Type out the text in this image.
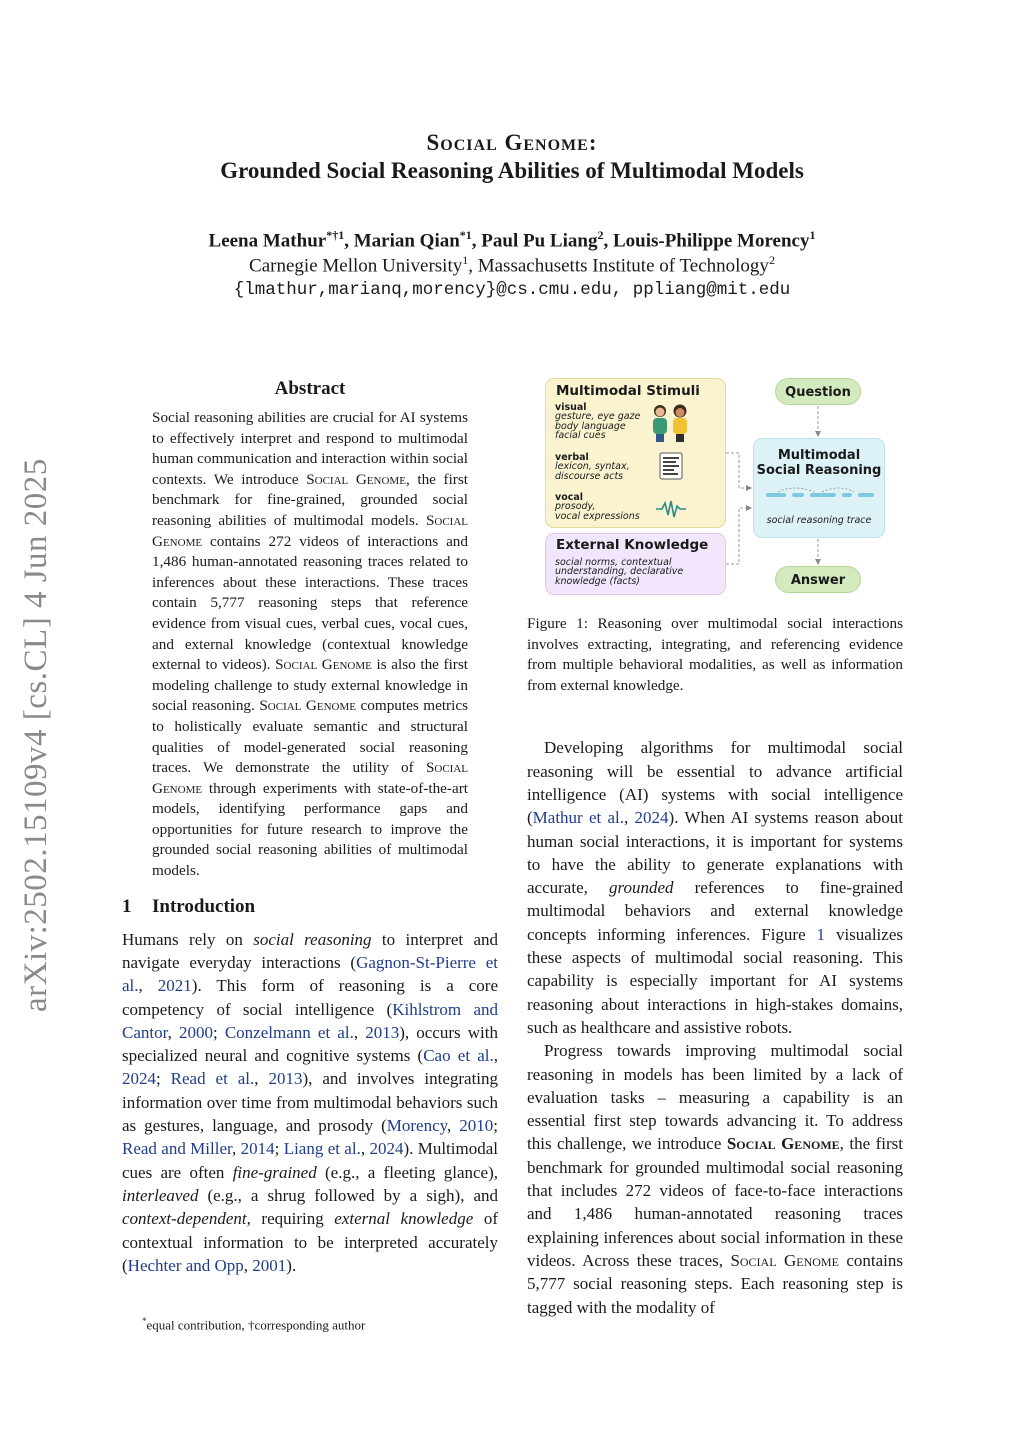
arXiv:2502.15109v4 [cs.CL] 4 Jun 2025
Social Genome:
Grounded Social Reasoning Abilities of Multimodal Models
Leena Mathur$^{*\dagger 1}$, Marian Qian$^{*1}$, Paul Pu Liang$^2$, Louis-Philippe Morency$^1$
Carnegie Mellon University$^1$, Massachusetts Institute of Technology$^2$
{lmathur,marianq,morency}@cs.cmu.edu, ppliang@mit.edu
Abstract
Social reasoning abilities are crucial for AI systems to effectively interpret and respond to multimodal human communication and interaction within social contexts. We introduce Social Genome, the first benchmark for fine-grained, grounded social reasoning abilities of multimodal models. Social Genome contains 272 videos of interactions and 1,486 human-annotated reasoning traces related to inferences about these interactions. These traces contain 5,777 reasoning steps that reference evidence from visual cues, verbal cues, vocal cues, and external knowledge (contextual knowledge external to videos). Social Genome is also the first modeling challenge to study external knowledge in social reasoning. Social Genome computes metrics to holistically evaluate semantic and structural qualities of model-generated social reasoning traces. We demonstrate the utility of Social Genome through experiments with state-of-the-art models, identifying performance gaps and opportunities for future research to improve the grounded social reasoning abilities of multimodal models.
1 Introduction

Humans rely on social reasoning to interpret and navigate everyday interactions (Gagnon-St-Pierre et al., 2021). This form of reasoning is a core competency of social intelligence (Kihlstrom and Cantor, 2000; Conzelmann et al., 2013), occurs with specialized neural and cognitive systems (Cao et al., 2024; Read et al., 2013), and involves integrating information over time from multimodal behaviors such as gestures, language, and prosody (Morency, 2010; Read and Miller, 2014; Liang et al., 2024). Multimodal cues are often fine-grained (e.g., a fleeting glance), interleaved (e.g., a shrug followed by a sigh), and context-dependent, requiring external knowledge of contextual information to be interpreted accurately (Hechter and Opp, 2001).

*equal contribution, †corresponding author
Multimodal Stimuli
visual
gesture, eye gaze
body language
facial cues
verbal
lexicon, syntax,
discourse acts
vocal
prosody,
vocal expressions
External Knowledge
social norms, contextual
understanding, declarative
knowledge (facts)
Question
Multimodal
Social Reasoning
social reasoning trace
Answer
Figure 1: Reasoning over multimodal social interactions involves extracting, integrating, and referencing evidence from multiple behavioral modalities, as well as information from external knowledge.

Developing algorithms for multimodal social reasoning will be essential to advance artificial intelligence (AI) systems with social intelligence (Mathur et al., 2024). When AI systems reason about human social interactions, it is important for systems to have the ability to generate explanations with accurate, grounded references to fine-grained multimodal behaviors and external knowledge concepts informing inferences. Figure 1 visualizes these aspects of multimodal social reasoning. This capability is especially important for AI systems reasoning about interactions in high-stakes domains, such as healthcare and assistive robots.

Progress towards improving multimodal social reasoning in models has been limited by a lack of evaluation tasks – measuring a capability is an essential first step towards advancing it. To address this challenge, we introduce Social Genome, the first benchmark for grounded multimodal social reasoning that includes 272 videos of face-to-face interactions and 1,486 human-annotated reasoning traces explaining inferences about social information in these videos. Across these traces, Social Genome contains 5,777 social reasoning steps. Each reasoning step is tagged with the modality of
